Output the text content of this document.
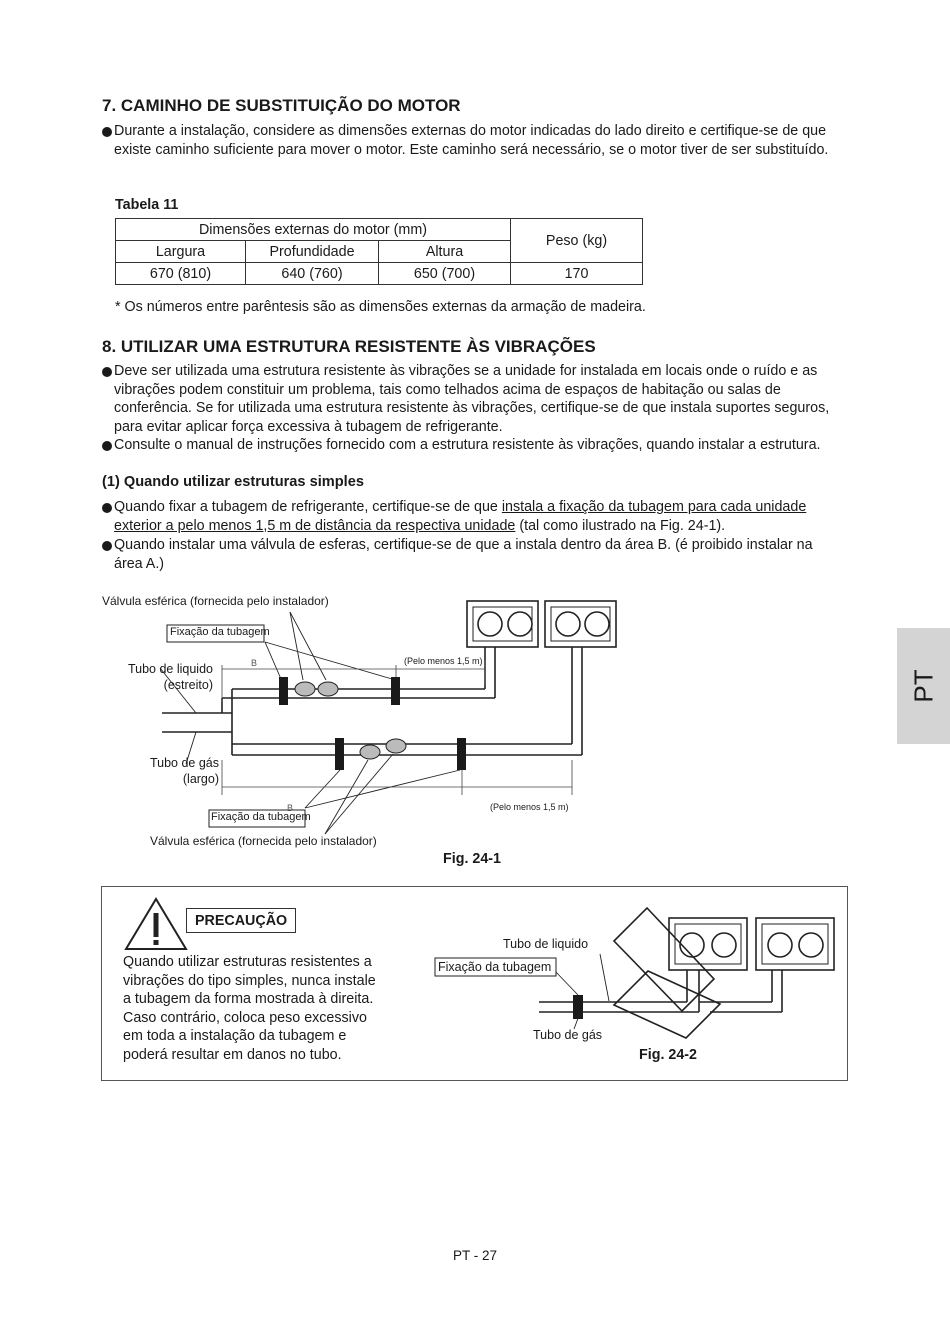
7. CAMINHO DE SUBSTITUIÇÃO DO MOTOR
Durante a instalação, considere as dimensões externas do motor indicadas do lado direito e certifique-se de que existe caminho suficiente para mover o motor. Este caminho será necessário, se o motor tiver de ser substituído.
Tabela 11
Dimensões externas do motor (mm)			Peso (kg)
Largura	Profundidade	Altura	
670 (810)	640 (760)	650 (700)	170
* Os números entre parêntesis são as dimensões externas da armação de madeira.
8. UTILIZAR UMA ESTRUTURA RESISTENTE ÀS VIBRAÇÕES
Deve ser utilizada uma estrutura resistente às vibrações se a unidade for instalada em locais onde o ruído e as vibrações podem constituir um problema, tais como telhados acima de espaços de habitação ou salas de conferência. Se for utilizada uma estrutura resistente às vibrações, certifique-se de que instala suportes seguros, para evitar aplicar força excessiva à tubagem de refrigerante.
Consulte o manual de instruções fornecido com a estrutura resistente às vibrações, quando instalar a estrutura.
(1) Quando utilizar estruturas simples
Quando fixar a tubagem de refrigerante, certifique-se de que instala a fixação da tubagem para cada unidade exterior a pelo menos 1,5 m de distância da respectiva unidade (tal como ilustrado na Fig. 24-1).
Quando instalar uma válvula de esferas, certifique-se de que a instala dentro da área B. (é proibido instalar na área A.)
Válvula esférica (fornecida pelo instalador)
Fixação da tubagem
Tubo de liquido
(estreito)
Tubo de gás
(largo)
B	(Pelo menos 1,5 m)
B	(Pelo menos 1,5 m)
Fixação da tubagem
Válvula esférica (fornecida pelo instalador)
Fig. 24-1
PRECAUÇÃO
Quando utilizar estruturas resistentes a
vibrações do tipo simples, nunca instale
a tubagem da forma mostrada à direita.
Caso contrário, coloca peso excessivo
em toda a instalação da tubagem e
poderá resultar em danos no tubo.
Tubo de liquido
Fixação da tubagem
Tubo de gás
Fig. 24-2
PT
PT - 27
